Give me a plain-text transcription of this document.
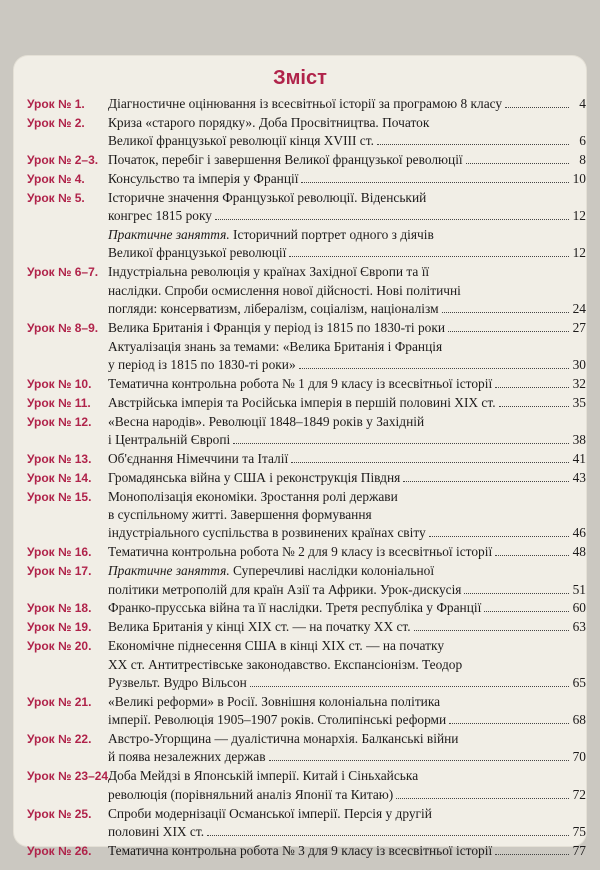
Зміст
Урок № 1. Діагностичне оцінювання із всесвітньої історії за програмою 8 класу	4
Урок № 2. Криза «старого порядку». Доба Просвітництва. Початок
Великої французької революції кінця XVIII ст.	6
Урок № 2–3. Початок, перебіг і завершення Великої французької революції	8
Урок № 4. Консульство та імперія у Франції	10
Урок № 5. Історичне значення Французької революції. Віденський
конгрес 1815 року	12
Практичне заняття. Історичний портрет одного з діячів
Великої французької революції	12
Урок № 6–7. Індустріальна революція у країнах Західної Європи та її
наслідки. Спроби осмислення нової дійсності. Нові політичні
погляди: консерватизм, лібералізм, соціалізм, націоналізм	24
Урок № 8–9. Велика Британія і Франція у період із 1815 по 1830-ті роки	27
Актуалізація знань за темами: «Велика Британія і Франція
у період із 1815 по 1830-ті роки»	30
Урок № 10. Тематична контрольна робота № 1 для 9 класу із всесвітньої історії	32
Урок № 11. Австрійська імперія та Російська імперія в першій половині XIX ст.	35
Урок № 12. «Весна народів». Революції 1848–1849 років у Західній
і Центральній Європі	38
Урок № 13. Об'єднання Німеччини та Італії	41
Урок № 14. Громадянська війна у США і реконструкція Півдня	43
Урок № 15. Монополізація економіки. Зростання ролі держави
в суспільному житті. Завершення формування
індустріального суспільства в розвинених країнах світу	46
Урок № 16. Тематична контрольна робота № 2 для 9 класу із всесвітньої історії	48
Урок № 17. Практичне заняття. Суперечливі наслідки колоніальної
політики метрополій для країн Азії та Африки. Урок-дискусія	51
Урок № 18. Франко-прусська війна та її наслідки. Третя республіка у Франції	60
Урок № 19. Велика Британія у кінці XIX ст. — на початку XX ст.	63
Урок № 20. Економічне піднесення США в кінці XIX ст. — на початку
XX ст. Антитрестівське законодавство. Експансіонізм. Теодор
Рузвельт. Вудро Вільсон	65
Урок № 21. «Великі реформи» в Росії. Зовнішня колоніальна політика
імперії. Революція 1905–1907 років. Столипінські реформи	68
Урок № 22. Австро-Угорщина — дуалістична монархія. Балканські війни
й поява незалежних держав	70
Урок № 23–24.
Доба Мейдзі в Японській імперії. Китай і Сіньхайська
революція (порівняльний аналіз Японії та Китаю)	72
Урок № 25. Спроби модернізації Османської імперії. Персія у другій
половині XIX ст.	75
Урок № 26. Тематична контрольна робота № 3 для 9 класу із всесвітньої історії	77
